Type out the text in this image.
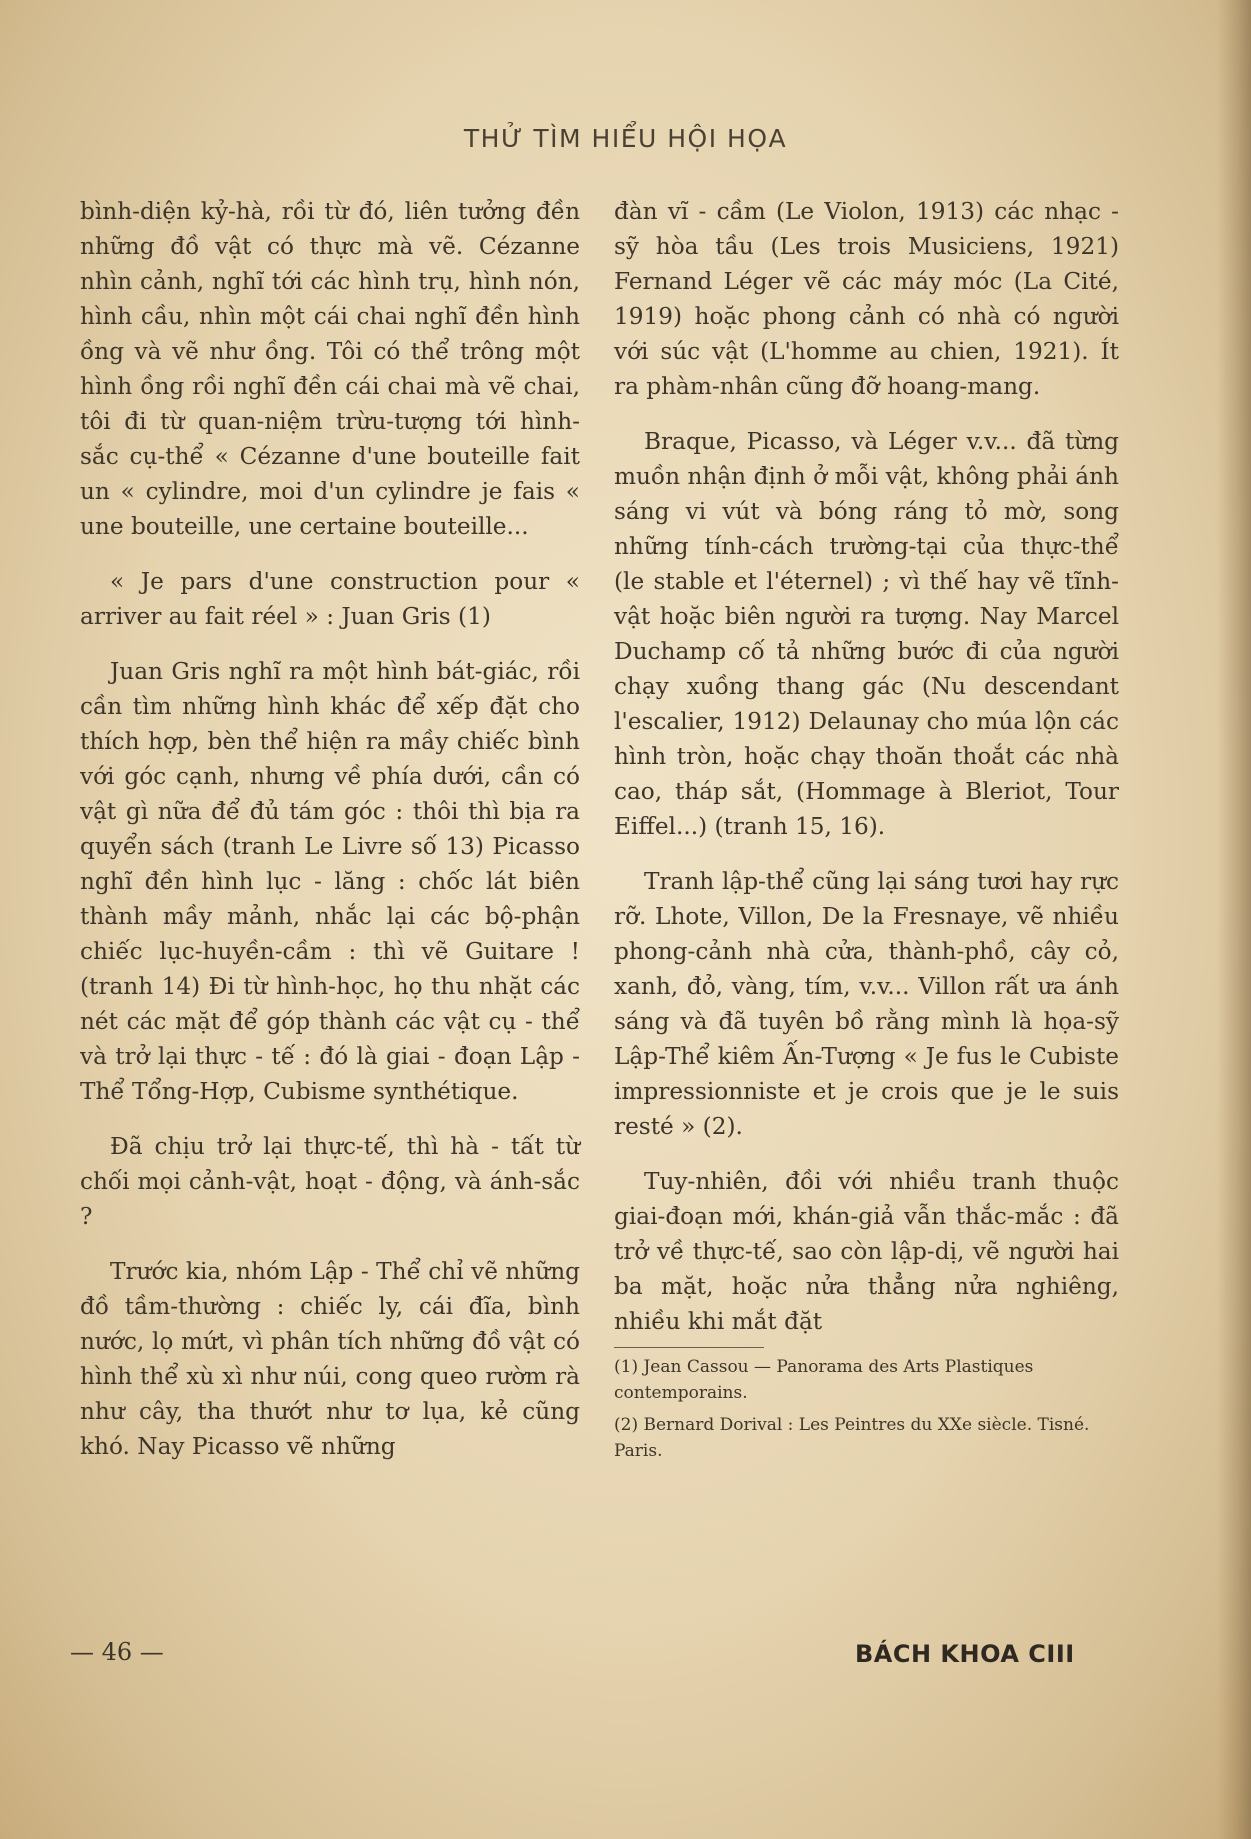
THỬ TÌM HIỂU HỘI HỌA

bình-diện kỷ-hà, rồi từ đó, liên tưởng đền những đồ vật có thực mà vẽ. Cézanne nhìn cảnh, nghĩ tới các hình trụ, hình nón, hình cầu, nhìn một cái chai nghĩ đền hình ồng và vẽ như ồng. Tôi có thể trông một hình ồng rồi nghĩ đền cái chai mà vẽ chai, tôi đi từ quan-niệm trừu-tượng tới hình-sắc cụ-thể « Cézanne d'une bouteille fait un « cylindre, moi d'un cylindre je fais « une bouteille, une certaine bouteille...

« Je pars d'une construction pour « arriver au fait réel » : Juan Gris (1)

Juan Gris nghĩ ra một hình bát-giác, rồi cần tìm những hình khác để xếp đặt cho thích hợp, bèn thể hiện ra mầy chiếc bình với góc cạnh, nhưng về phía dưới, cần có vật gì nữa để đủ tám góc : thôi thì bịa ra quyển sách (tranh Le Livre số 13) Picasso nghĩ đền hình lục - lăng : chốc lát biên thành mầy mảnh, nhắc lại các bộ-phận chiếc lục-huyền-cầm : thì vẽ Guitare ! (tranh 14) Đi từ hình-học, họ thu nhặt các nét các mặt để góp thành các vật cụ - thể và trở lại thực - tế : đó là giai - đoạn Lập - Thể Tổng-Hợp, Cubisme synthétique.

Đã chịu trở lại thực-tế, thì hà - tất từ chối mọi cảnh-vật, hoạt - động, và ánh-sắc ?

Trước kia, nhóm Lập - Thể chỉ vẽ những đồ tầm-thường : chiếc ly, cái đĩa, bình nước, lọ mứt, vì phân tích những đồ vật có hình thể xù xì như núi, cong queo rườm rà như cây, tha thướt như tơ lụa, kẻ cũng khó. Nay Picasso vẽ những

đàn vĩ - cầm (Le Violon, 1913) các nhạc - sỹ hòa tầu (Les trois Musiciens, 1921) Fernand Léger vẽ các máy móc (La Cité, 1919) hoặc phong cảnh có nhà có người với súc vật (L'homme au chien, 1921). Ít ra phàm-nhân cũng đỡ hoang-mang.

Braque, Picasso, và Léger v.v... đã từng muồn nhận định ở mỗi vật, không phải ánh sáng vi vút và bóng ráng tỏ mờ, song những tính-cách trường-tại của thực-thể (le stable et l'éternel) ; vì thế hay vẽ tĩnh-vật hoặc biên người ra tượng. Nay Marcel Duchamp cố tả những bước đi của người chạy xuồng thang gác (Nu descendant l'escalier, 1912) Delaunay cho múa lộn các hình tròn, hoặc chạy thoăn thoắt các nhà cao, tháp sắt, (Hommage à Bleriot, Tour Eiffel...) (tranh 15, 16).

Tranh lập-thể cũng lại sáng tươi hay rực rỡ. Lhote, Villon, De la Fresnaye, vẽ nhiều phong-cảnh nhà cửa, thành-phồ, cây cỏ, xanh, đỏ, vàng, tím, v.v... Villon rất ưa ánh sáng và đã tuyên bồ rằng mình là họa-sỹ Lập-Thể kiêm Ấn-Tượng « Je fus le Cubiste impressionniste et je crois que je le suis resté » (2).

Tuy-nhiên, đồi với nhiều tranh thuộc giai-đoạn mới, khán-giả vẫn thắc-mắc : đã trở về thực-tế, sao còn lập-dị, vẽ người hai ba mặt, hoặc nửa thẳng nửa nghiêng, nhiều khi mắt đặt

(1) Jean Cassou — Panorama des Arts Plastiques contemporains.

(2) Bernard Dorival : Les Peintres du XXe siècle. Tisné. Paris.

— 46 —	BÁCH KHOA CIII
